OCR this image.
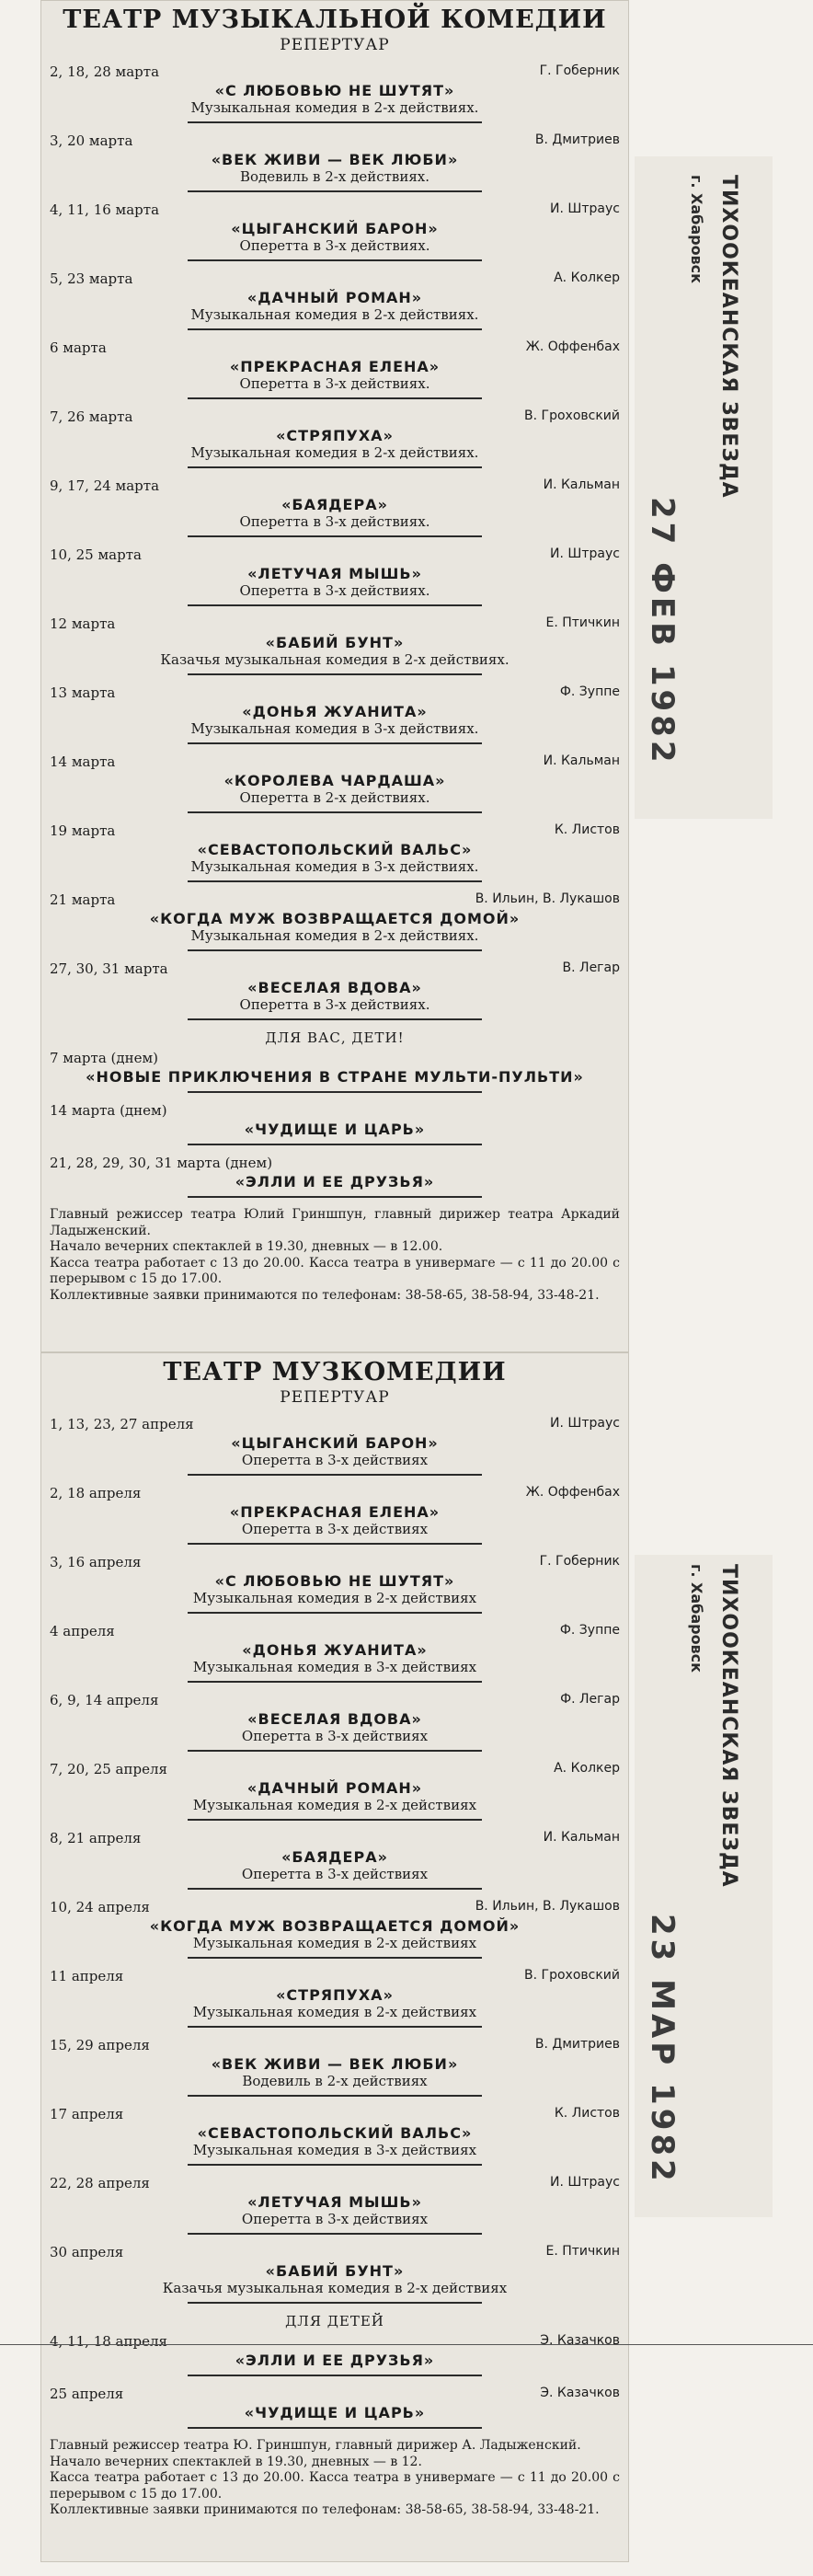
ТЕАТР МУЗЫКАЛЬНОЙ КОМЕДИИ
РЕПЕРТУАР
2, 18, 28 марта	Г. Гоберник
«С ЛЮБОВЬЮ НЕ ШУТЯТ»
Музыкальная комедия в 2-х действиях.
3, 20 марта	В. Дмитриев
«ВЕК ЖИВИ — ВЕК ЛЮБИ»
Водевиль в 2-х действиях.
4, 11, 16 марта	И. Штраус
«ЦЫГАНСКИЙ БАРОН»
Оперетта в 3-х действиях.
5, 23 марта	А. Колкер
«ДАЧНЫЙ РОМАН»
Музыкальная комедия в 2-х действиях.
6 марта	Ж. Оффенбах
«ПРЕКРАСНАЯ ЕЛЕНА»
Оперетта в 3-х действиях.
7, 26 марта	В. Гроховский
«СТРЯПУХА»
Музыкальная комедия в 2-х действиях.
9, 17, 24 марта	И. Кальман
«БАЯДЕРА»
Оперетта в 3-х действиях.
10, 25 марта	И. Штраус
«ЛЕТУЧАЯ МЫШЬ»
Оперетта в 3-х действиях.
12 марта	Е. Птичкин
«БАБИЙ БУНТ»
Казачья музыкальная комедия в 2-х действиях.
13 марта	Ф. Зуппе
«ДОНЬЯ ЖУАНИТА»
Музыкальная комедия в 3-х действиях.
14 марта	И. Кальман
«КОРОЛЕВА ЧАРДАША»
Оперетта в 2-х действиях.
19 марта	К. Листов
«СЕВАСТОПОЛЬСКИЙ ВАЛЬС»
Музыкальная комедия в 3-х действиях.
21 марта	В. Ильин, В. Лукашов
«КОГДА МУЖ ВОЗВРАЩАЕТСЯ ДОМОЙ»
Музыкальная комедия в 2-х действиях.
27, 30, 31 марта	В. Легар
«ВЕСЕЛАЯ ВДОВА»
Оперетта в 3-х действиях.
ДЛЯ ВАС, ДЕТИ!
7 марта (днем)
«НОВЫЕ ПРИКЛЮЧЕНИЯ В СТРАНЕ МУЛЬТИ-ПУЛЬТИ»
14 марта (днем)
«ЧУДИЩЕ И ЦАРЬ»
21, 28, 29, 30, 31 марта (днем)
«ЭЛЛИ И ЕЕ ДРУЗЬЯ»
Главный режиссер театра Юлий Гриншпун, главный дирижер театра Аркадий Ладыженский.
Начало вечерних спектаклей в 19.30, дневных — в 12.00.
Касса театра работает с 13 до 20.00. Касса театра в универмаге — с 11 до 20.00 с перерывом с 15 до 17.00.
Коллективные заявки принимаются по телефонам: 38-58-65, 38-58-94, 33-48-21.
ТЕАТР МУЗКОМЕДИИ
РЕПЕРТУАР
1, 13, 23, 27 апреля	И. Штраус
«ЦЫГАНСКИЙ БАРОН»
Оперетта в 3-х действиях
2, 18 апреля	Ж. Оффенбах
«ПРЕКРАСНАЯ ЕЛЕНА»
Оперетта в 3-х действиях
3, 16 апреля	Г. Гоберник
«С ЛЮБОВЬЮ НЕ ШУТЯТ»
Музыкальная комедия в 2-х действиях
4 апреля	Ф. Зуппе
«ДОНЬЯ ЖУАНИТА»
Музыкальная комедия в 3-х действиях
6, 9, 14 апреля	Ф. Легар
«ВЕСЕЛАЯ ВДОВА»
Оперетта в 3-х действиях
7, 20, 25 апреля	А. Колкер
«ДАЧНЫЙ РОМАН»
Музыкальная комедия в 2-х действиях
8, 21 апреля	И. Кальман
«БАЯДЕРА»
Оперетта в 3-х действиях
10, 24 апреля	В. Ильин, В. Лукашов
«КОГДА МУЖ ВОЗВРАЩАЕТСЯ ДОМОЙ»
Музыкальная комедия в 2-х действиях
11 апреля	В. Гроховский
«СТРЯПУХА»
Музыкальная комедия в 2-х действиях
15, 29 апреля	В. Дмитриев
«ВЕК ЖИВИ — ВЕК ЛЮБИ»
Водевиль в 2-х действиях
17 апреля	К. Листов
«СЕВАСТОПОЛЬСКИЙ ВАЛЬС»
Музыкальная комедия в 3-х действиях
22, 28 апреля	И. Штраус
«ЛЕТУЧАЯ МЫШЬ»
Оперетта в 3-х действиях
30 апреля	Е. Птичкин
«БАБИЙ БУНТ»
Казачья музыкальная комедия в 2-х действиях
ДЛЯ ДЕТЕЙ
4, 11, 18 апреля	Э. Казачков
«ЭЛЛИ И ЕЕ ДРУЗЬЯ»
25 апреля	Э. Казачков
«ЧУДИЩЕ И ЦАРЬ»
Главный режиссер театра Ю. Гриншпун, главный дирижер А. Ладыженский.
Начало вечерних спектаклей в 19.30, дневных — в 12.
Касса театра работает с 13 до 20.00. Касса театра в универмаге — с 11 до 20.00 с перерывом с 15 до 17.00.
Коллективные заявки принимаются по телефонам: 38-58-65, 38-58-94, 33-48-21.
ТИХООКЕАНСКАЯ ЗВЕЗДА
г. Хабаровск
27 ФЕВ 1982
ТИХООКЕАНСКАЯ ЗВЕЗДА
г. Хабаровск
23 МАР 1982
